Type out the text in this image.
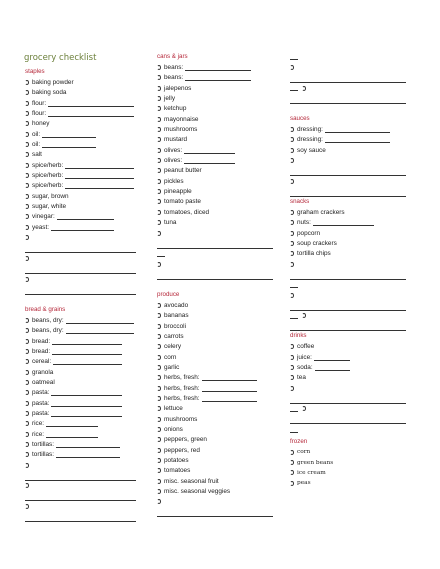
grocery checklist
staples
baking powder
baking soda
flour:
flour:
honey
oil:
oil:
salt
spice/herb:
spice/herb:
spice/herb:
sugar, brown
sugar, white
vinegar:
yeast:
bread & grains
beans, dry:
beans, dry:
bread:
bread:
cereal:
granola
oatmeal
pasta:
pasta:
pasta:
rice:
rice:
tortillas:
tortillas:
cans & jars
beans:
beans:
jalepenos
jelly
ketchup
mayonnaise
mushrooms
mustard
olives:
olives:
peanut butter
pickles
pineapple
tomato paste
tomatoes, diced
tuna
produce
avocado
bananas
broccoli
carrots
celery
corn
garlic
herbs, fresh:
herbs, fresh:
herbs, fresh:
lettuce
mushrooms
onions
peppers, green
peppers, red
potatoes
tomatoes
misc. seasonal fruit
misc. seasonal veggies
sauces
dressing:
dressing:
soy sauce
snacks
graham crackers
nuts:
popcorn
soup crackers
tortilla chips
drinks
coffee
juice:
soda:
tea
frozen
corn
green beans
ice cream
peas
